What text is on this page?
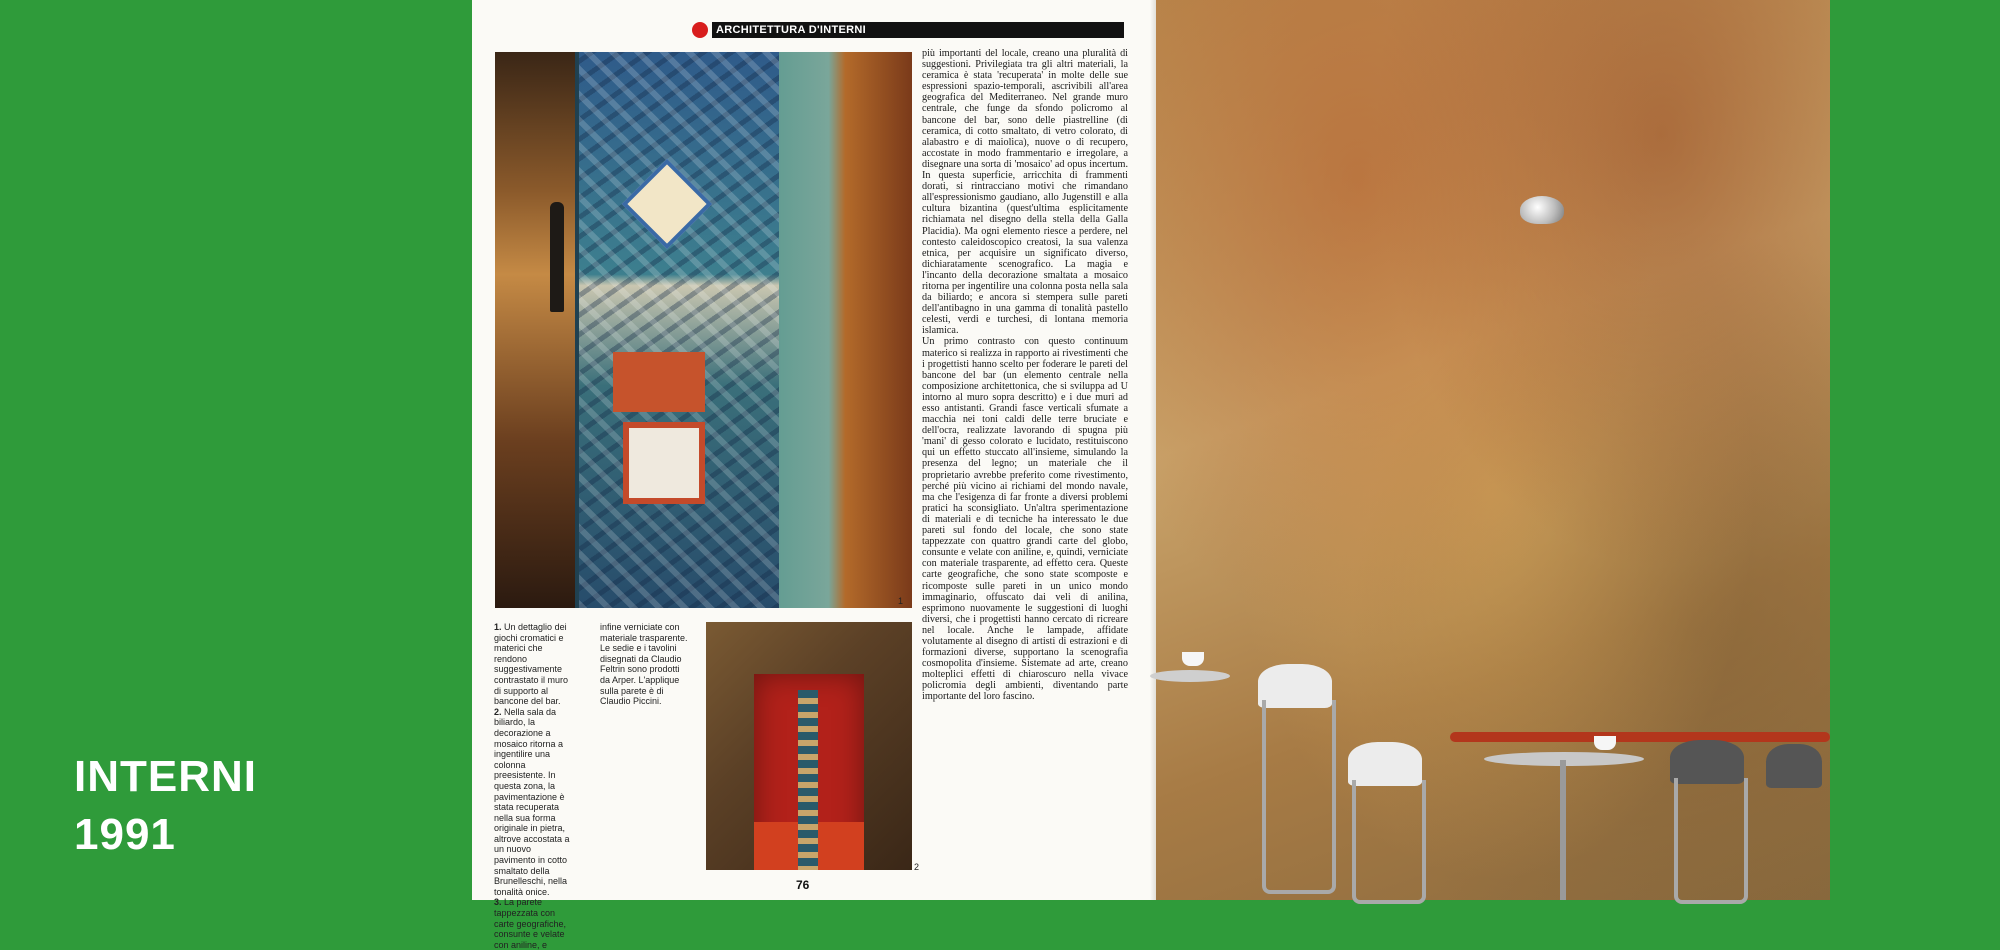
INTERNI
1991
ARCHITETTURA D'INTERNI
1
1. Un dettaglio dei giochi cromatici e materici che rendono suggestivamente contrastato il muro di supporto al bancone del bar.
2. Nella sala da biliardo, la decorazione a mosaico ritorna a ingentilire una colonna preesistente. In questa zona, la pavimentazione è stata recuperata nella sua forma originale in pietra, altrove accostata a un nuovo pavimento in cotto smaltato della Brunelleschi, nella tonalità onice.
3. La parete tappezzata con carte geografiche, consunte e velate con aniline, e
infine verniciate con materiale trasparente. Le sedie e i tavolini disegnati da Claudio Feltrin sono prodotti da Arper. L'applique sulla parete è di Claudio Piccini.
2
76
più importanti del locale, creano una pluralità di suggestioni. Privilegiata tra gli altri materiali, la ceramica è stata 'recuperata' in molte delle sue espressioni spazio-temporali, ascrivibili all'area geografica del Mediterraneo. Nel grande muro centrale, che funge da sfondo policromo al bancone del bar, sono delle piastrelline (di ceramica, di cotto smaltato, di vetro colorato, di alabastro e di maiolica), nuove o di recupero, accostate in modo frammentario e irregolare, a disegnare una sorta di 'mosaico' ad opus incertum. In questa superficie, arricchita di frammenti dorati, si rintracciano motivi che rimandano all'espressionismo gaudiano, allo Jugenstill e alla cultura bizantina (quest'ultima esplicitamente richiamata nel disegno della stella della Galla Placidia). Ma ogni elemento riesce a perdere, nel contesto caleidoscopico creatosi, la sua valenza etnica, per acquisire un significato diverso, dichiaratamente scenografico. La magia e l'incanto della decorazione smaltata a mosaico ritorna per ingentilire una colonna posta nella sala da biliardo; e ancora si stempera sulle pareti dell'antibagno in una gamma di tonalità pastello celesti, verdi e turchesi, di lontana memoria islamica.
Un primo contrasto con questo continuum materico si realizza in rapporto ai rivestimenti che i progettisti hanno scelto per foderare le pareti del bancone del bar (un elemento centrale nella composizione architettonica, che si sviluppa ad U intorno al muro sopra descritto) e i due muri ad esso antistanti. Grandi fasce verticali sfumate a macchia nei toni caldi delle terre bruciate e dell'ocra, realizzate lavorando di spugna più 'mani' di gesso colorato e lucidato, restituiscono qui un effetto stuccato all'insieme, simulando la presenza del legno; un materiale che il proprietario avrebbe preferito come rivestimento, perché più vicino ai richiami del mondo navale, ma che l'esigenza di far fronte a diversi problemi pratici ha sconsigliato. Un'altra sperimentazione di materiali e di tecniche ha interessato le due pareti sul fondo del locale, che sono state tappezzate con quattro grandi carte del globo, consunte e velate con aniline, e, quindi, verniciate con materiale trasparente, ad effetto cera. Queste carte geografiche, che sono state scomposte e ricomposte sulle pareti in un unico mondo immaginario, offuscato dai veli di anilina, esprimono nuovamente le suggestioni di luoghi diversi, che i progettisti hanno cercato di ricreare nel locale. Anche le lampade, affidate volutamente al disegno di artisti di estrazioni e di formazioni diverse, supportano la scenografia cosmopolita d'insieme. Sistemate ad arte, creano molteplici effetti di chiaroscuro nella vivace policromia degli ambienti, diventando parte importante del loro fascino.
